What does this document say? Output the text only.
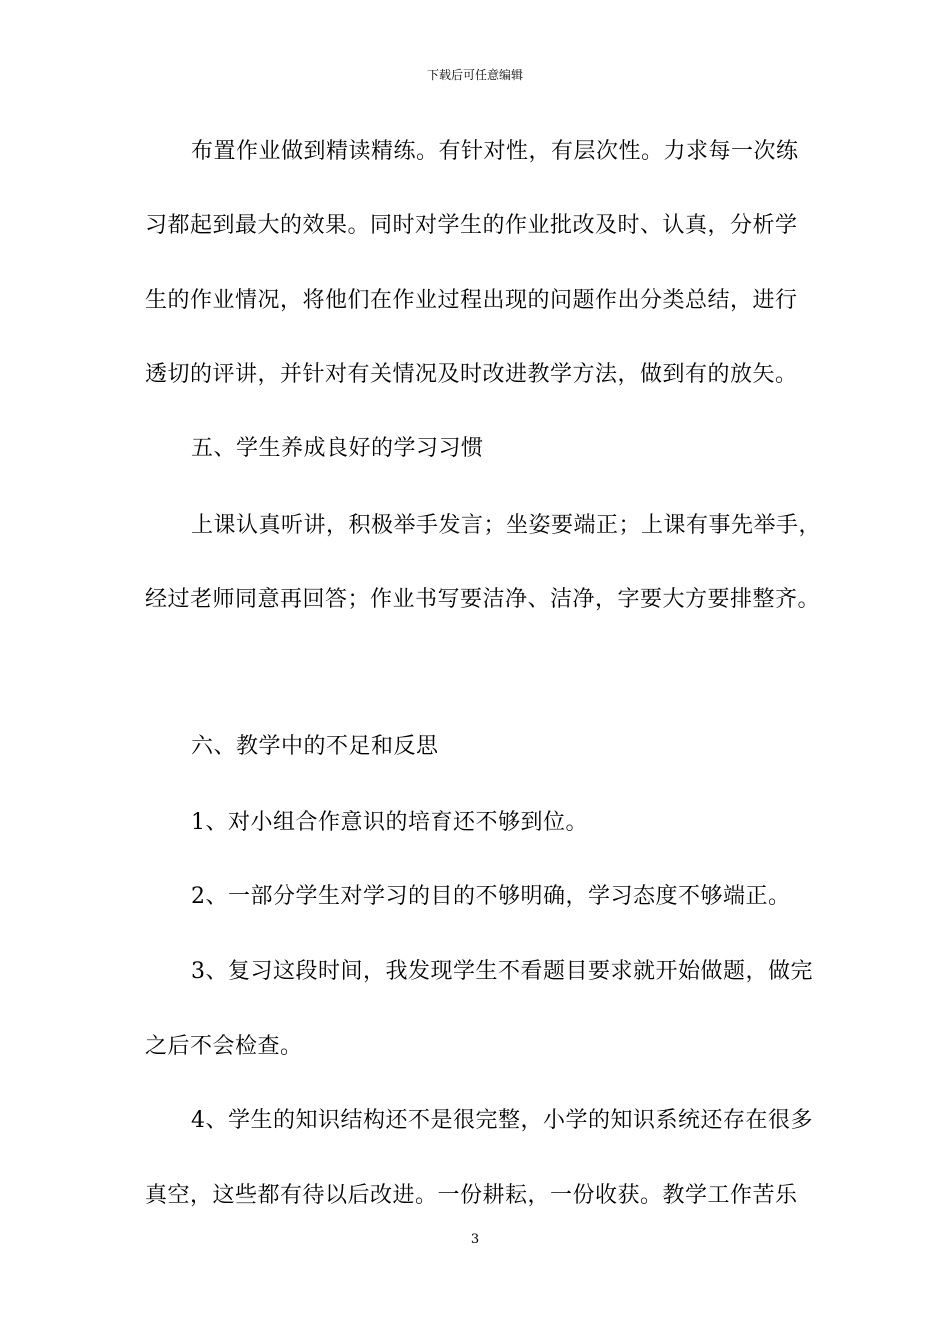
下载后可任意编辑
布置作业做到精读精练。有针对性，有层次性。力求每一次练
习都起到最大的效果。同时对学生的作业批改及时、认真，分析学
生的作业情况，将他们在作业过程出现的问题作出分类总结，进行
透切的评讲，并针对有关情况及时改进教学方法，做到有的放矢。
五、学生养成良好的学习习惯
上课认真听讲，积极举手发言；坐姿要端正；上课有事先举手，
经过老师同意再回答；作业书写要洁净、洁净，字要大方要排整齐。
六、教学中的不足和反思
1、对小组合作意识的培育还不够到位。
2、一部分学生对学习的目的不够明确，学习态度不够端正。
3、复习这段时间，我发现学生不看题目要求就开始做题，做完
之后不会检查。
4、学生的知识结构还不是很完整，小学的知识系统还存在很多
真空，这些都有待以后改进。一份耕耘，一份收获。教学工作苦乐
3
